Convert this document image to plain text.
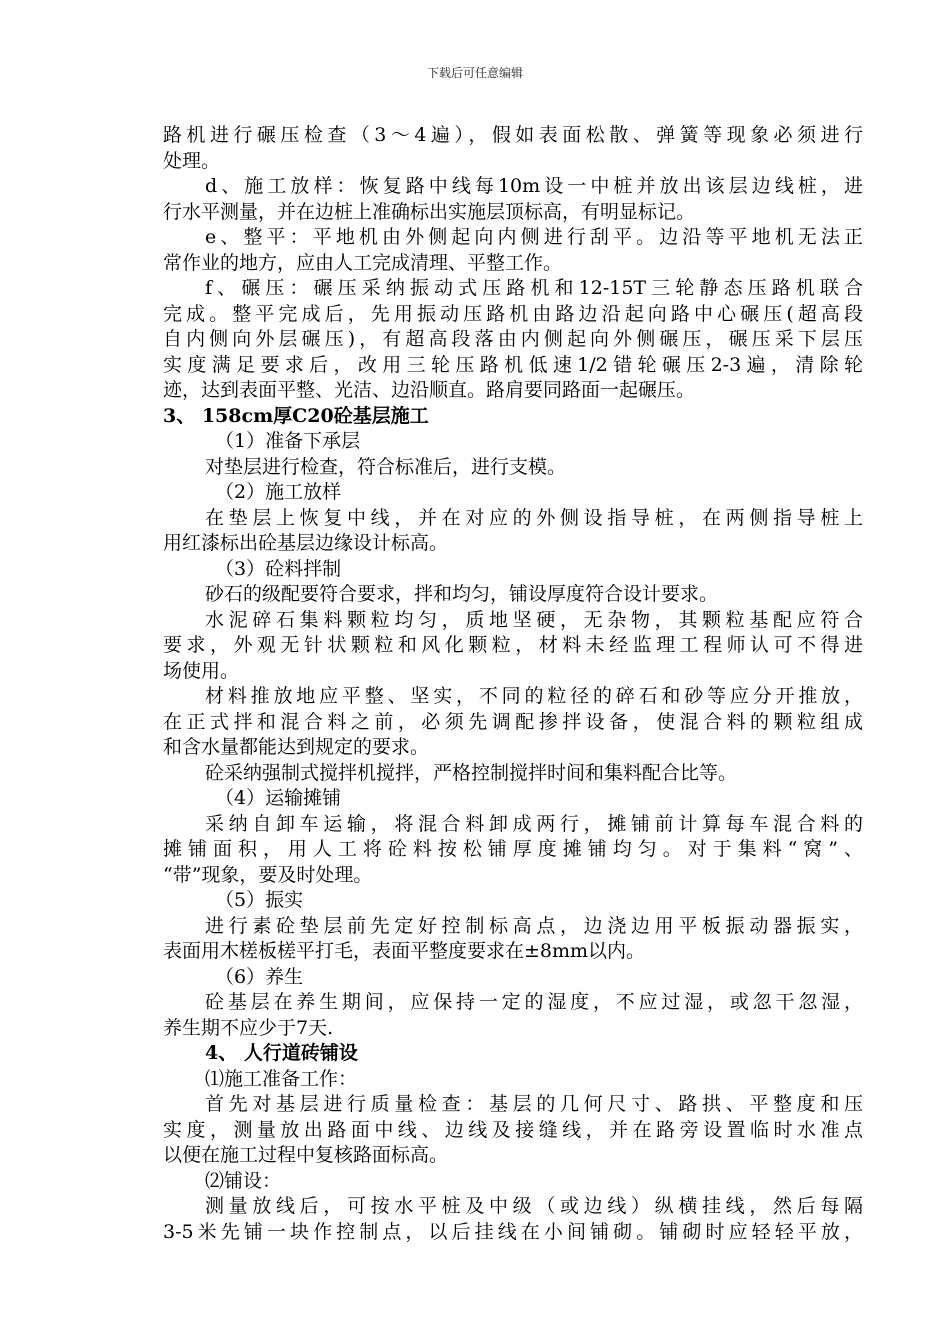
下载后可任意编辑
路机进行碾压检查（3～4遍），假如表面松散、弹簧等现象必须进行
处理。
d、施工放样：恢复路中线每10m设一中桩并放出该层边线桩，进
行水平测量，并在边桩上准确标出实施层顶标高，有明显标记。
e、整平：平地机由外侧起向内侧进行刮平。边沿等平地机无法正
常作业的地方，应由人工完成清理、平整工作。
f、碾压：碾压采纳振动式压路机和12-15T三轮静态压路机联合
完成。整平完成后，先用振动压路机由路边沿起向路中心碾压(超高段
自内侧向外层碾压)，有超高段落由内侧起向外侧碾压，碾压采下层压
实度满足要求后，改用三轮压路机低速1/2错轮碾压2-3遍，清除轮
迹，达到表面平整、光洁、边沿顺直。路肩要同路面一起碾压。
3、 158cm厚C20砼基层施工
（1）准备下承层
对垫层进行检查，符合标准后，进行支模。
（2）施工放样
在垫层上恢复中线，并在对应的外侧设指导桩，在两侧指导桩上
用红漆标出砼基层边缘设计标高。
（3）砼料拌制
砂石的级配要符合要求，拌和均匀，铺设厚度符合设计要求。
水泥碎石集料颗粒均匀，质地坚硬，无杂物，其颗粒基配应符合
要求，外观无针状颗粒和风化颗粒，材料未经监理工程师认可不得进
场使用。
材料推放地应平整、坚实，不同的粒径的碎石和砂等应分开推放，
在正式拌和混合料之前，必须先调配掺拌设备，使混合料的颗粒组成
和含水量都能达到规定的要求。
砼采纳强制式搅拌机搅拌，严格控制搅拌时间和集料配合比等。
（4）运输摊铺
采纳自卸车运输，将混合料卸成两行，摊铺前计算每车混合料的
摊铺面积，用人工将砼料按松铺厚度摊铺均匀。对于集料“窝”、
“带”现象，要及时处理。
（5）振实
进行素砼垫层前先定好控制标高点，边浇边用平板振动器振实，
表面用木槎板槎平打毛，表面平整度要求在±8mm以内。
（6）养生
砼基层在养生期间，应保持一定的湿度，不应过湿，或忽干忽湿，
养生期不应少于7天.
4、 人行道砖铺设
⑴施工准备工作：
首先对基层进行质量检查：基层的几何尺寸、路拱、平整度和压
实度，测量放出路面中线、边线及接缝线，并在路旁设置临时水准点
以便在施工过程中复核路面标高。
⑵铺设：
测量放线后，可按水平桩及中级（或边线）纵横挂线，然后每隔
3-5米先铺一块作控制点，以后挂线在小间铺砌。铺砌时应轻轻平放，
